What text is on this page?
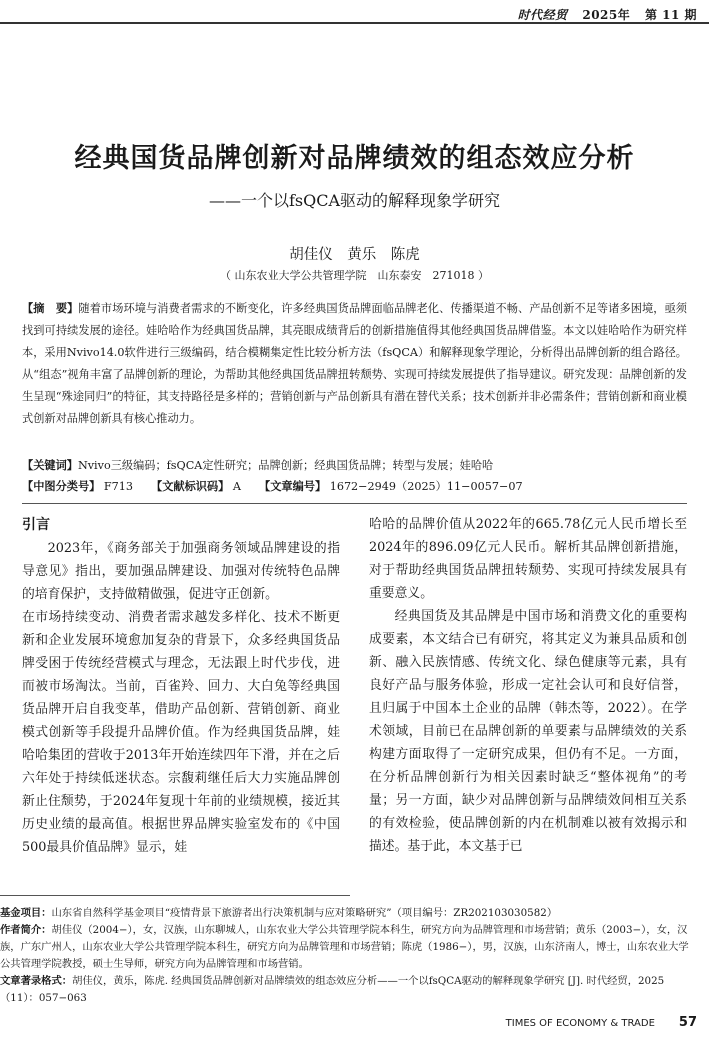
时代经贸 2025年 第 11 期
经典国货品牌创新对品牌绩效的组态效应分析
——一个以fsQCA驱动的解释现象学研究
胡佳仪　黄乐　陈虎
（ 山东农业大学公共管理学院　山东泰安　271018 ）
【摘　要】随着市场环境与消费者需求的不断变化，许多经典国货品牌面临品牌老化、传播渠道不畅、产品创新不足等诸多困境，亟须找到可持续发展的途径。娃哈哈作为经典国货品牌，其亮眼成绩背后的创新措施值得其他经典国货品牌借鉴。本文以娃哈哈作为研究样本，采用Nvivo14.0软件进行三级编码，结合模糊集定性比较分析方法（fsQCA）和解释现象学理论，分析得出品牌创新的组合路径。从“组态”视角丰富了品牌创新的理论，为帮助其他经典国货品牌扭转颓势、实现可持续发展提供了指导建议。研究发现：品牌创新的发生呈现“殊途同归”的特征，其支持路径是多样的；营销创新与产品创新具有潜在替代关系；技术创新并非必需条件；营销创新和商业模式创新对品牌创新具有核心推动力。
【关键词】Nvivo三级编码；fsQCA定性研究；品牌创新；经典国货品牌；转型与发展；娃哈哈
【中图分类号】 F713 【文献标识码】 A 【文章编号】 1672−2949（2025）11−0057−07
引言
2023年，《商务部关于加强商务领域品牌建设的指导意见》指出，要加强品牌建设、加强对传统特色品牌的培育保护，支持做精做强，促进守正创新。
在市场持续变动、消费者需求越发多样化、技术不断更新和企业发展环境愈加复杂的背景下，众多经典国货品牌受困于传统经营模式与理念，无法跟上时代步伐，进而被市场淘汰。当前，百雀羚、回力、大白兔等经典国货品牌开启自我变革，借助产品创新、营销创新、商业模式创新等手段提升品牌价值。作为经典国货品牌，娃哈哈集团的营收于2013年开始连续四年下滑，并在之后六年处于持续低迷状态。宗馥莉继任后大力实施品牌创新止住颓势，于2024年复现十年前的业绩规模，接近其历史业绩的最高值。根据世界品牌实验室发布的《中国500最具价值品牌》显示，娃
哈哈的品牌价值从2022年的665.78亿元人民币增长至2024年的896.09亿元人民币。解析其品牌创新措施，对于帮助经典国货品牌扭转颓势、实现可持续发展具有重要意义。
经典国货及其品牌是中国市场和消费文化的重要构成要素，本文结合已有研究，将其定义为兼具品质和创新、融入民族情感、传统文化、绿色健康等元素，具有良好产品与服务体验，形成一定社会认可和良好信誉，且归属于中国本土企业的品牌（韩杰等，2022）。在学术领域，目前已在品牌创新的单要素与品牌绩效的关系构建方面取得了一定研究成果，但仍有不足。一方面，在分析品牌创新行为相关因素时缺乏“整体视角”的考量；另一方面，缺少对品牌创新与品牌绩效间相互关系的有效检验，使品牌创新的内在机制难以被有效揭示和描述。基于此，本文基于已
基金项目：山东省自然科学基金项目“疫情背景下旅游者出行决策机制与应对策略研究”（项目编号：ZR202103030582）
作者简介：胡佳仪（2004−），女，汉族，山东聊城人，山东农业大学公共管理学院本科生，研究方向为品牌管理和市场营销；黄乐（2003−），女，汉族，广东广州人，山东农业大学公共管理学院本科生，研究方向为品牌管理和市场营销；陈虎（1986−），男，汉族，山东济南人，博士，山东农业大学公共管理学院教授，硕士生导师，研究方向为品牌管理和市场营销。
文章著录格式：胡佳仪，黄乐，陈虎. 经典国货品牌创新对品牌绩效的组态效应分析——一个以fsQCA驱动的解释现象学研究 [J]. 时代经贸，2025（11）：057−063
TIMES OF ECONOMY & TRADE 57
